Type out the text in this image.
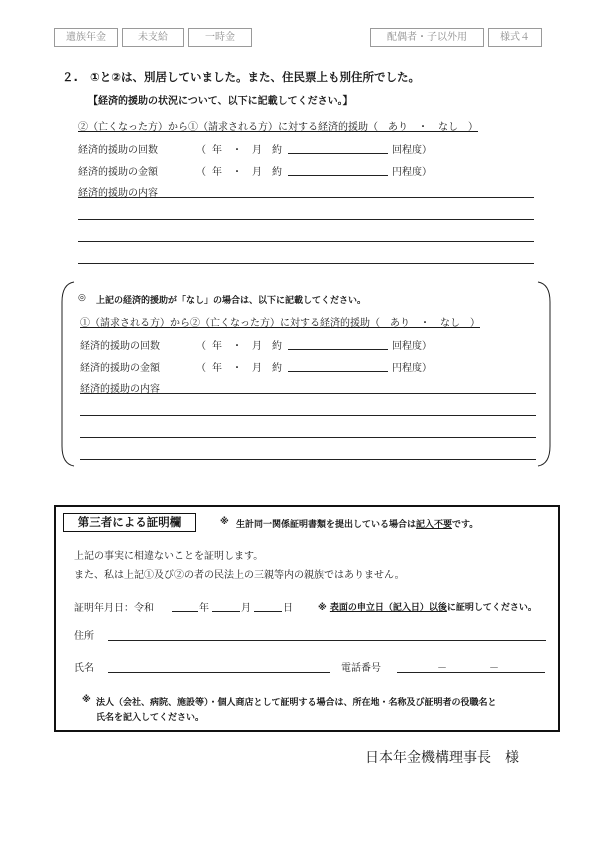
遺族年金	未支給	一時金	配偶者・子以外用	様式４
２. ①と②は、別居していました。また、住民票上も別住所でした。
【経済的援助の状況について、以下に記載してください。】
②（亡くなった方）から①（請求される方）に対する経済的援助（　あり　・　なし　）
経済的援助の回数	（ 年　・　月 約	回程度）
経済的援助の金額	（ 年　・　月 約	円程度）
経済的援助の内容
◎ 上記の経済的援助が「なし」の場合は、以下に記載してください。
①（請求される方）から②（亡くなった方）に対する経済的援助（　あり　・　なし　）
経済的援助の回数	（ 年　・　月 約	回程度）
経済的援助の金額	（ 年　・　月 約	円程度）
経済的援助の内容
第三者による証明欄	※ 生計同一関係証明書類を提出している場合は記入不要です。
上記の事実に相違ないことを証明します。
また、私は上記①及び②の者の民法上の三親等内の親族ではありません。
証明年月日：令和	年	月	日	※ 表面の申立日（記入日）以後に証明してください。
住所
氏名	電話番号	－	－
※ 法人（会社、病院、施設等）・個人商店として証明する場合は、所在地・名称及び証明者の役職名と
氏名を記入してください。
日本年金機構理事長　様
